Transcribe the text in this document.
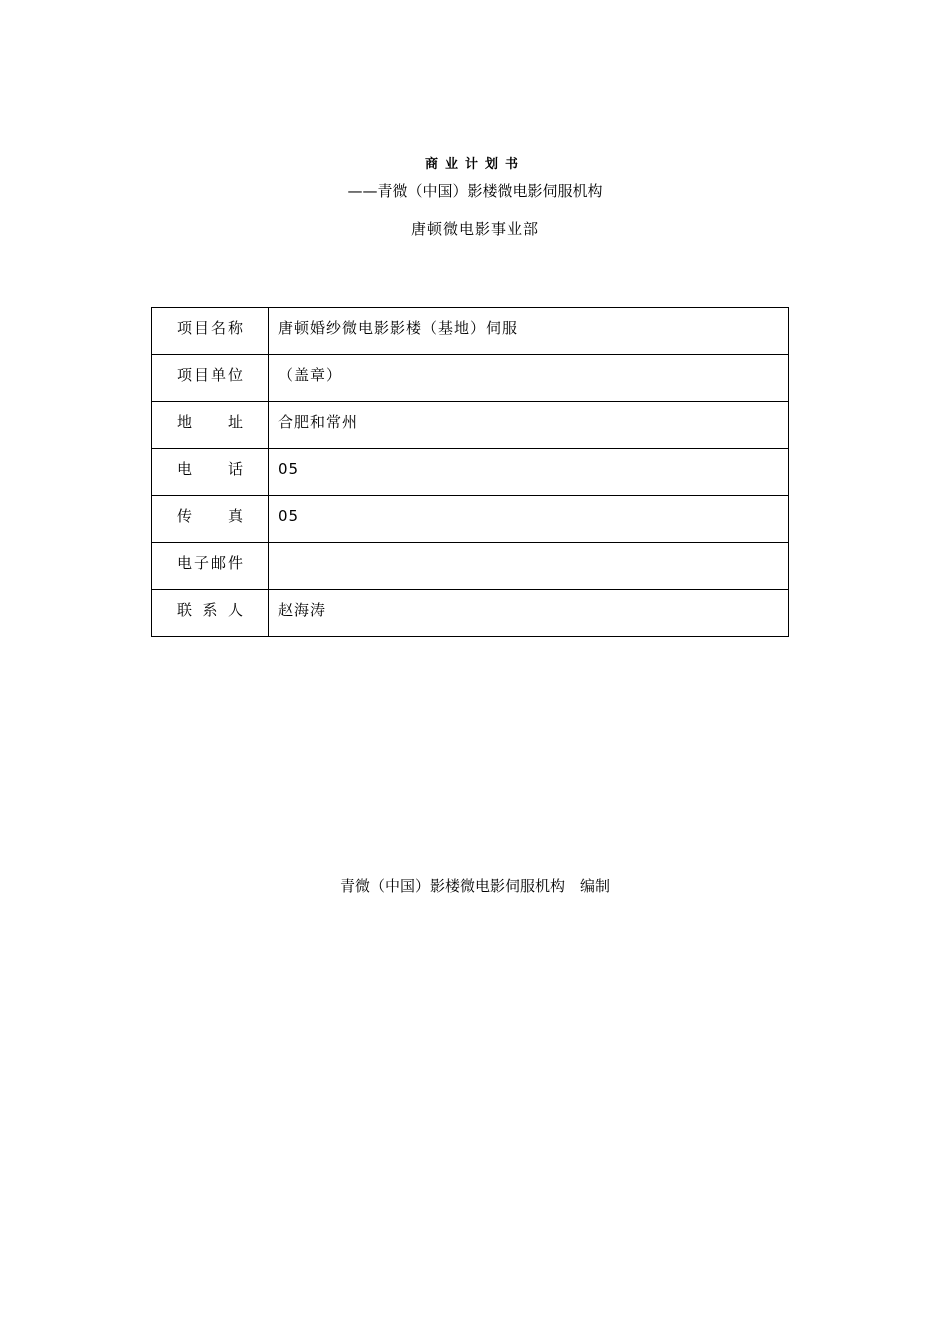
商业计划书
——青微（中国）影楼微电影伺服机构
唐顿微电影事业部
项目名称	唐顿婚纱微电影影楼（基地）伺服
项目单位	（盖章）
地址	合肥和常州
电话	05
传真	05
电子邮件	
联系人	赵海涛
青微（中国）影楼微电影伺服机构　编制
